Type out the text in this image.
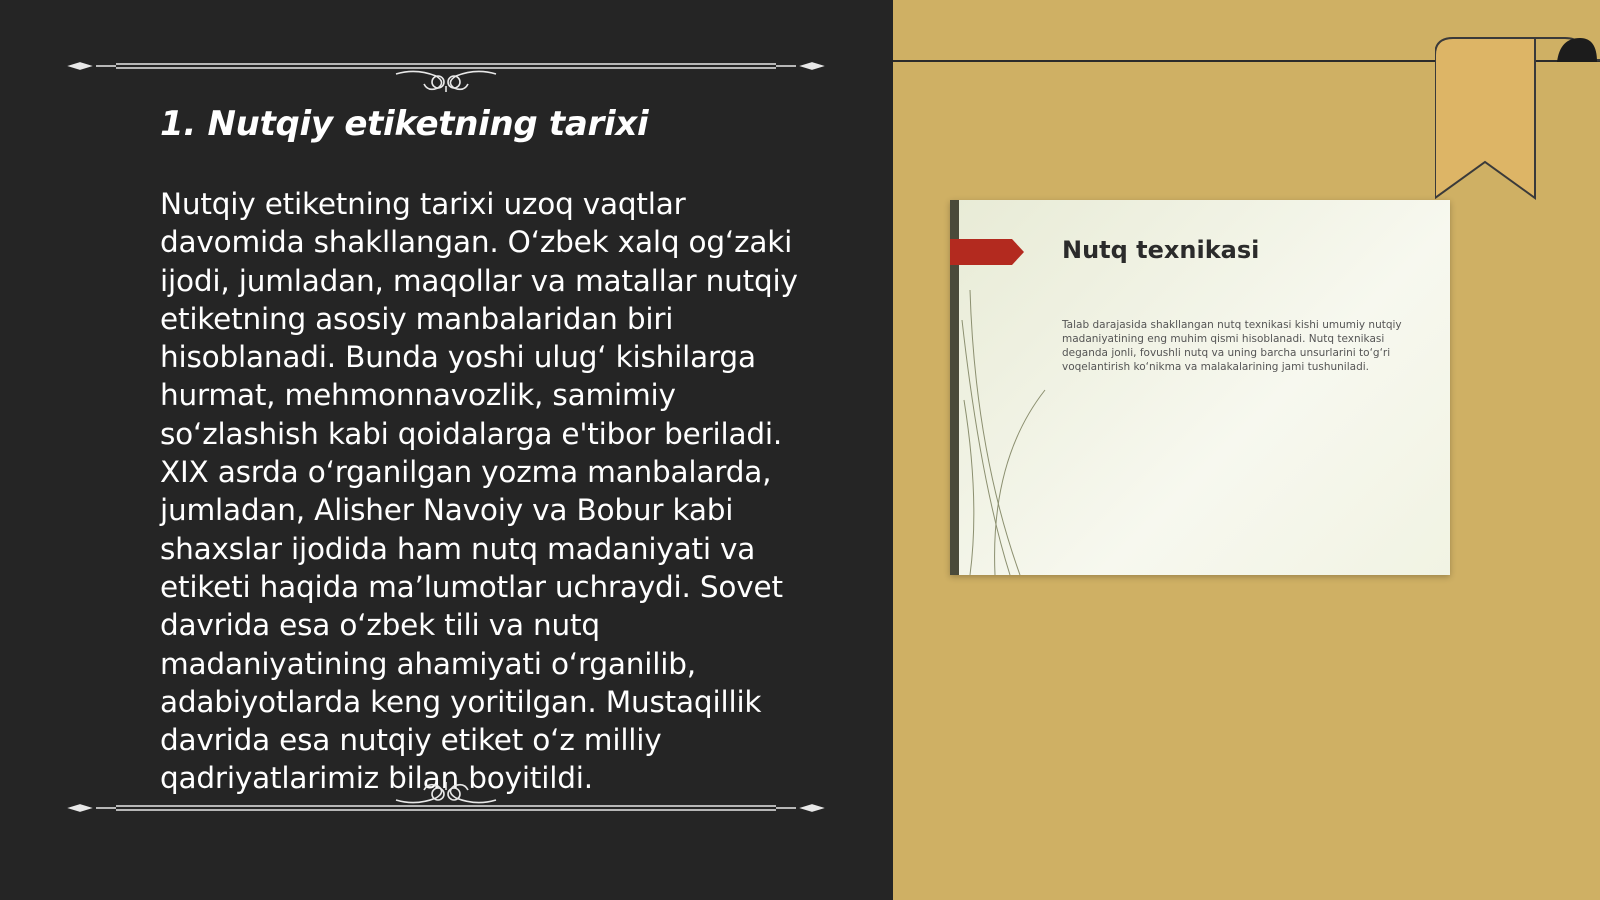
1. Nutqiy etiketning tarixi

Nutqiy etiketning tarixi uzoq vaqtlar davomida shakllangan. O‘zbek xalq og‘zaki ijodi, jumladan, maqollar va matallar nutqiy etiketning asosiy manbalaridan biri hisoblanadi. Bunda yoshi ulug‘ kishilarga hurmat, mehmonnavozlik, samimiy so‘zlashish kabi qoidalarga e'tibor beriladi. XIX asrda o‘rganilgan yozma manbalarda, jumladan, Alisher Navoiy va Bobur kabi shaxslar ijodida ham nutq madaniyati va etiketi haqida ma’lumotlar uchraydi. Sovet davrida esa o‘zbek tili va nutq madaniyatining ahamiyati o‘rganilib, adabiyotlarda keng yoritilgan. Mustaqillik davrida esa nutqiy etiket o‘z milliy qadriyatlarimiz bilan boyitildi.

Nutq texnikasi

Talab darajasida shakllangan nutq texnikasi kishi umumiy nutqiy madaniyatining eng muhim qismi hisoblanadi. Nutq texnikasi deganda jonli, fovushli nutq va uning barcha unsurlarini to‘g‘ri voqelantirish ko‘nikma va malakalarining jami tushuniladi.
